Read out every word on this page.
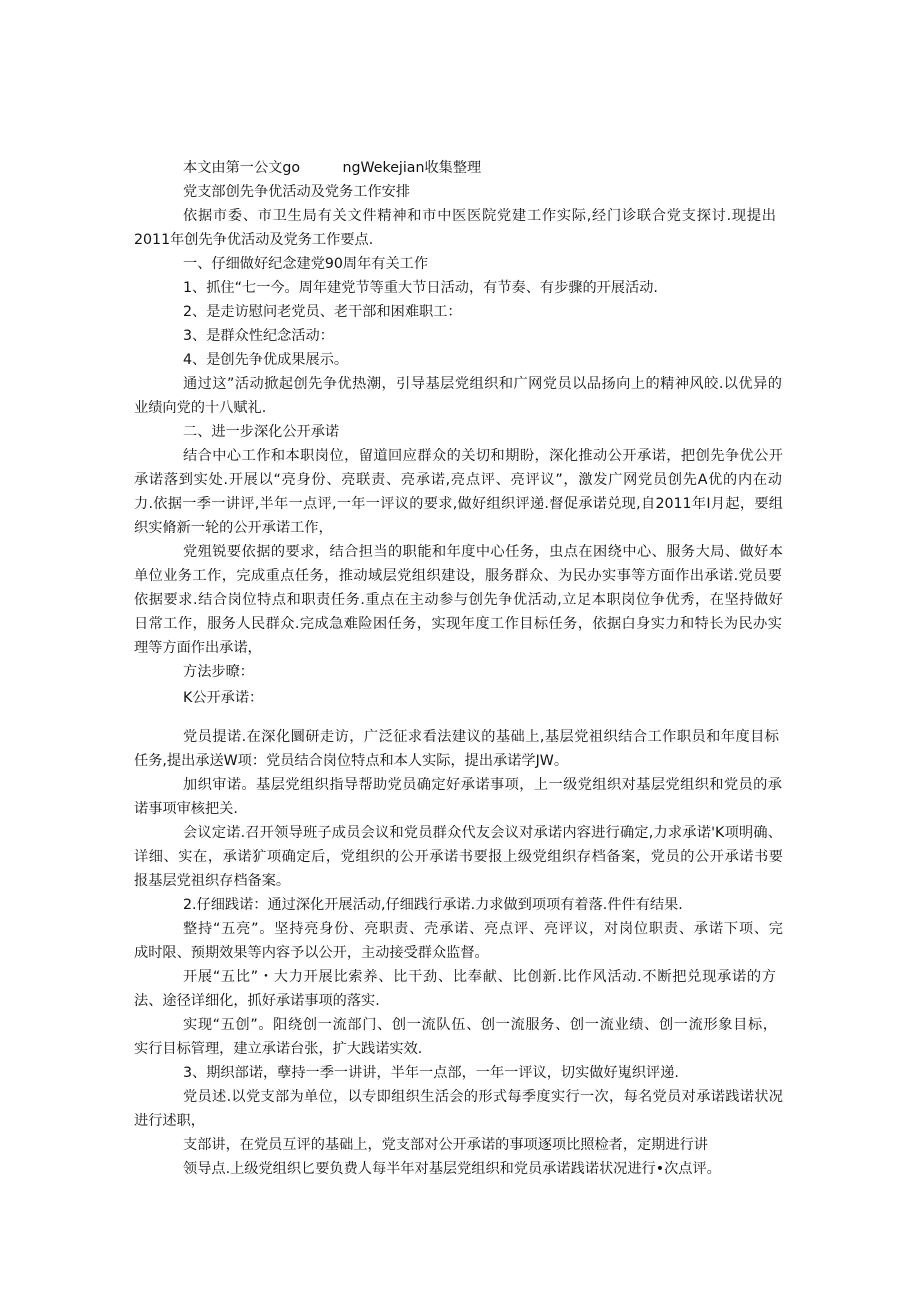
本文由第一公文go　　　ngWekejian收集整理
党支部创先争优活动及党务工作安排
依据市委、市卫生局有关文件精神和市中医医院党建工作实际,经门诊联合党支探讨.现提出
2011年创先争优活动及党务工作要点.
一、仔细做好纪念建党90周年有关工作
1、抓住“七一今。周年建党节等重大节日活动，有节奏、有步骤的开展活动.
2、是走访慰问老党员、老干部和困难职工：
3、是群众性纪念活动：
4、是创先争优成果展示。
通过这”活动掀起创先争优热潮，引导基层党组织和广网党员以品扬向上的精神风皎.以优异的
业绩向党的十八赋礼.
二、进一步深化公开承诺
结合中心工作和本职岗位，留道回应群众的关切和期盼，深化推动公开承诺，把创先争优公开
承诺落到实处.开展以“亮身份、亮联责、亮承诺,亮点评、亮评议”，激发广网党员创先A优的内在动
力.依据一季一讲评,半年一点评,一年一评议的要求,做好组织评递.督促承诺兑现,自2011年I月起，要组
织实脩新一轮的公开承诺工作，
党殂锐要依据的要求，结合担当的职能和年度中心任务，虫点在困绕中心、服务大局、做好本
单位业务工作，完成重点任务，推动域层党组织建设，服务群众、为民办实事等方面作出承诺.党员要
依据要求.结合岗位特点和职责任务.重点在主动参与创先争优活动,立足本职岗位争优秀，在坚持做好
日常工作，服务人民群众.完成急难险困任务，实现年度工作目标任务，依据白身实力和特长为民办实
理等方面作出承诺，
方法步暸：
K公开承诺：
党员提诺.在深化圜研走访，广泛征求看法建议的基础上,基层党祖织结合工作职员和年度目标
任务,提出承送W项：党员结合岗位特点和本人实际，提出承诺学JW。
加织审诺。基层党组织指导帮助党员确定好承诺事项，上一级党组织对基层党组织和党员的承
诺事项审核把关.
会议定诺.召开领导班子成员会议和党员群众代友会议对承诺内容进行确定,力求承诺'K项明确、
详细、实在，承诺犷项确定后，党组织的公开承诺书要报上级党组织存档备案，党员的公开承诺书要
报基层党祖织存档备案。
2.仔细践诺：通过深化开展活动,仔细践行承诺.力求做到项项有着落.件件有结果.
整持“五亮”。坚持亮身份、亮职责、壳承诺、亮点评、亮评议，对岗位职责、承诺下项、完
成时限、预期效果等内容予以公开，主动接受群众监督。
开展“五比”・大力开展比索养、比干劲、比奉献、比创新.比作风活动.不断把兑现承诺的方
法、途径详细化，抓好承诺事项的落实.
实现“五创”。阳绕创一流部门、创一流队伍、创一流服务、创一流业绩、创一流形象目标，
实行目标管理，建立承诺台张，扩大践诺实效.
3、期织部诺，孽持一季一讲讲，半年一点部，一年一评议，切实做好嵬织评递.
党员述.以党支部为单位，以专即组织生活会的形式每季度实行一次，每名党员对承诺践诺状况
进行述职，
支部讲，在党员互评的基础上，党支部对公开承诺的事项逐项比照检者，定期进行讲
领导点.上级党组织匕要负费人每半年对基层党组织和党员承诺践诺状况进行•次点评。
